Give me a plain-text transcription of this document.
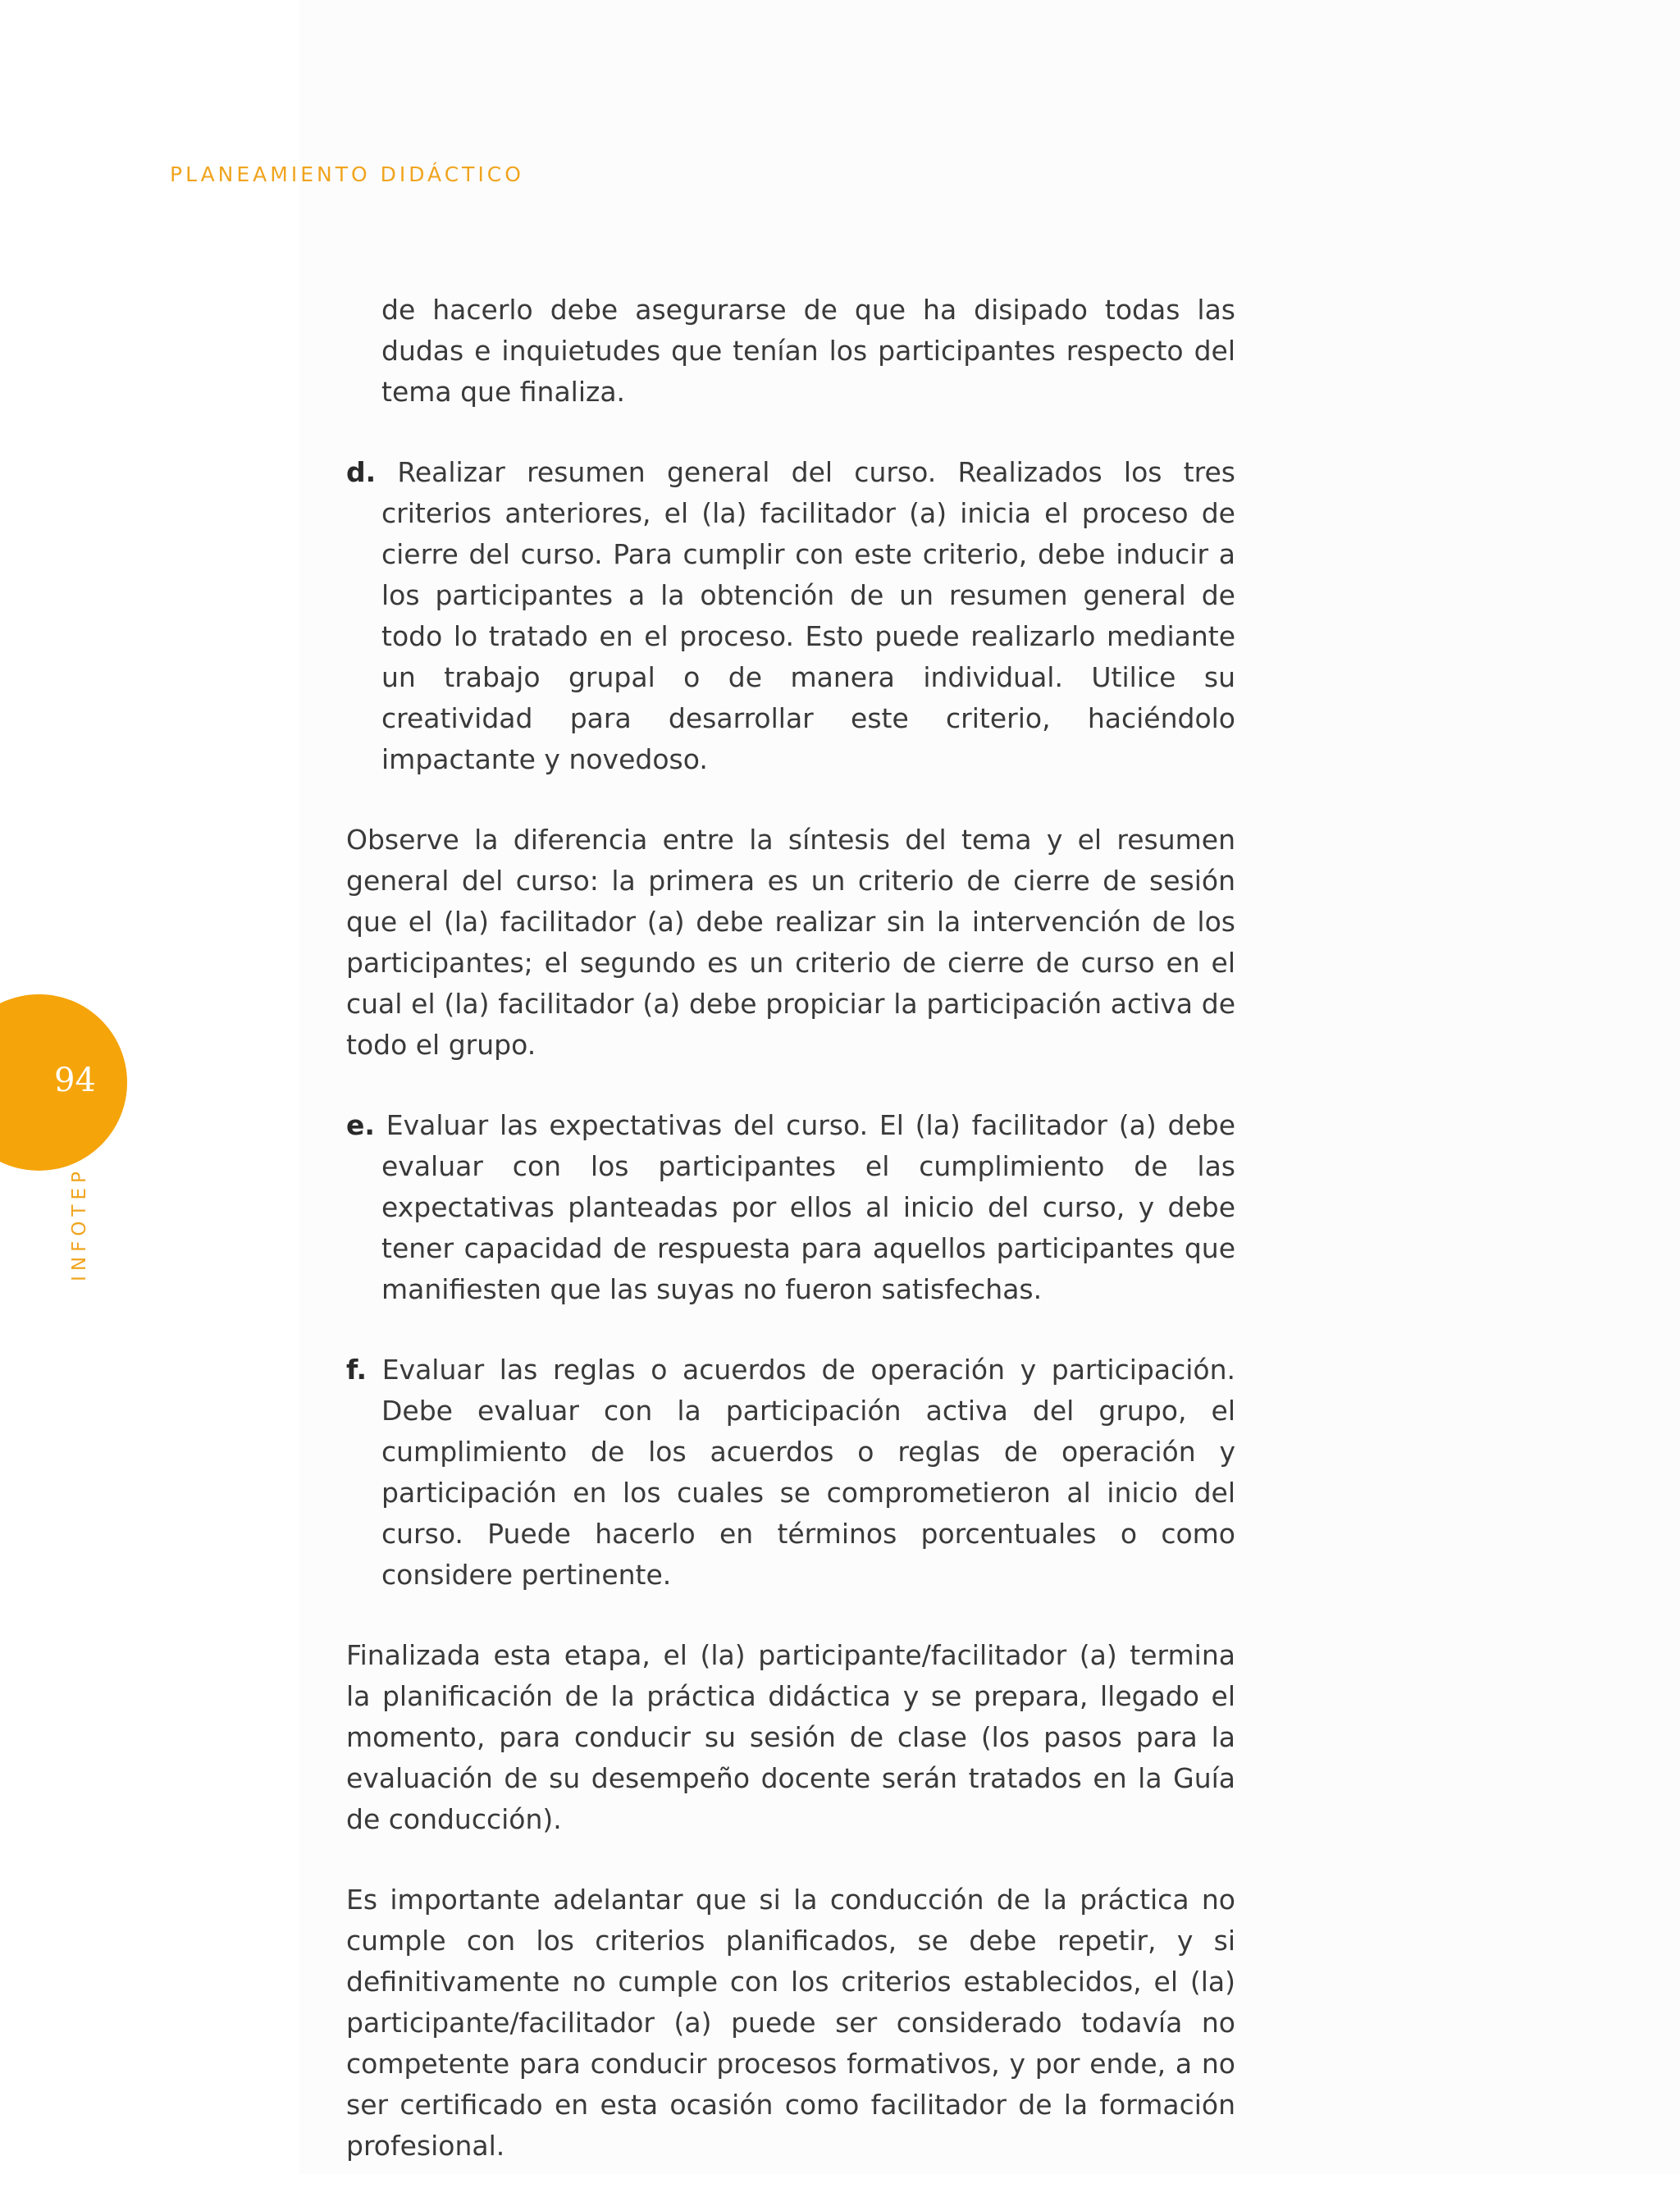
PLANEAMIENTO DIDÁCTICO
94
INFOTEP

de hacerlo debe asegurarse de que ha disipado todas las dudas e inquietudes que tenían los participantes respecto del tema que finaliza.

d. Realizar resumen general del curso. Realizados los tres criterios anteriores, el (la) facilitador (a) inicia el proceso de cierre del curso. Para cumplir con este criterio, debe inducir a los participantes a la obtención de un resumen general de todo lo tratado en el proceso. Esto puede realizarlo mediante un trabajo grupal o de manera individual. Utilice su creatividad para desarrollar este criterio, haciéndolo impactante y novedoso.

Observe la diferencia entre la síntesis del tema y el resumen general del curso: la primera es un criterio de cierre de sesión que el (la) facilitador (a) debe realizar sin la intervención de los participantes; el segundo es un criterio de cierre de curso en el cual el (la) facilitador (a) debe propiciar la participación activa de todo el grupo.

e. Evaluar las expectativas del curso. El (la) facilitador (a) debe evaluar con los participantes el cumplimiento de las expectativas planteadas por ellos al inicio del curso, y debe tener capacidad de respuesta para aquellos participantes que manifiesten que las suyas no fueron satisfechas.

f. Evaluar las reglas o acuerdos de operación y participación. Debe evaluar con la participación activa del grupo, el cumplimiento de los acuerdos o reglas de operación y participación en los cuales se comprometieron al inicio del curso. Puede hacerlo en términos porcentuales o como considere pertinente.

Finalizada esta etapa, el (la) participante/facilitador (a) termina la planificación de la práctica didáctica y se prepara, llegado el momento, para conducir su sesión de clase (los pasos para la evaluación de su desempeño docente serán tratados en la Guía de conducción).

Es importante adelantar que si la conducción de la práctica no cumple con los criterios planificados, se debe repetir, y si definitivamente no cumple con los criterios establecidos, el (la) participante/facilitador (a) puede ser considerado todavía no competente para conducir procesos formativos, y por ende, a no ser certificado en esta ocasión como facilitador de la formación profesional.
